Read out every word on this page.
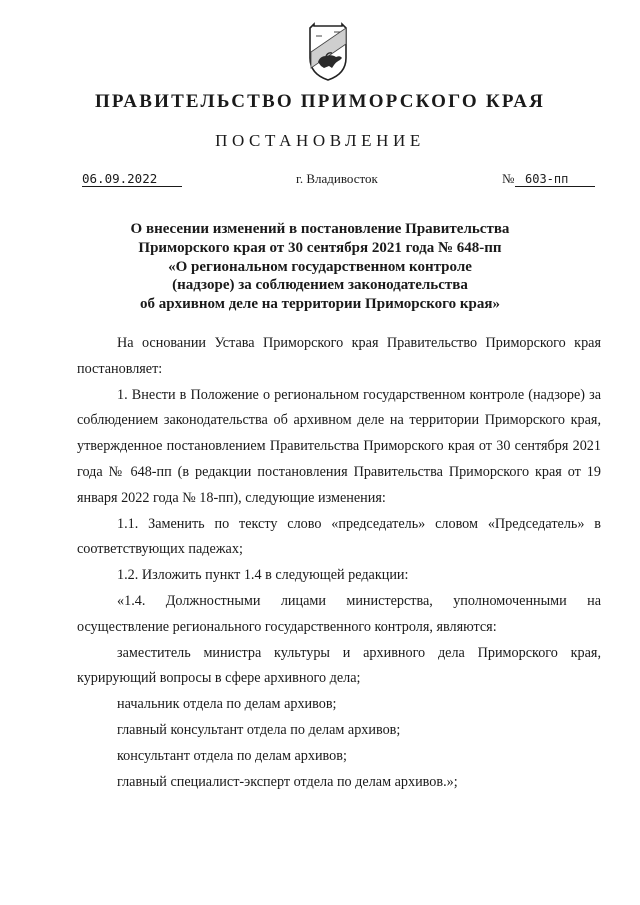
ПРАВИТЕЛЬСТВО ПРИМОРСКОГО КРАЯ
ПОСТАНОВЛЕНИЕ
06.09.2022	г. Владивосток	№ 603-пп
О внесении изменений в постановление Правительства
Приморского края от 30 сентября 2021 года № 648-пп
«О региональном государственном контроле
(надзоре) за соблюдением законодательства
об архивном деле на территории Приморского края»
На основании Устава Приморского края Правительство Приморского края постановляет:
1. Внести в Положение о региональном государственном контроле (надзоре) за соблюдением законодательства об архивном деле на территории Приморского края, утвержденное постановлением Правительства Приморского края от 30 сентября 2021 года № 648-пп (в редакции постановления Правительства Приморского края от 19 января 2022 года № 18-пп), следующие изменения:
1.1. Заменить по тексту слово «председатель» словом «Председатель» в соответствующих падежах;
1.2. Изложить пункт 1.4 в следующей редакции:
«1.4. Должностными лицами министерства, уполномоченными на осуществление регионального государственного контроля, являются:
заместитель министра культуры и архивного дела Приморского края, курирующий вопросы в сфере архивного дела;
начальник отдела по делам архивов;
главный консультант отдела по делам архивов;
консультант отдела по делам архивов;
главный специалист-эксперт отдела по делам архивов.»;
